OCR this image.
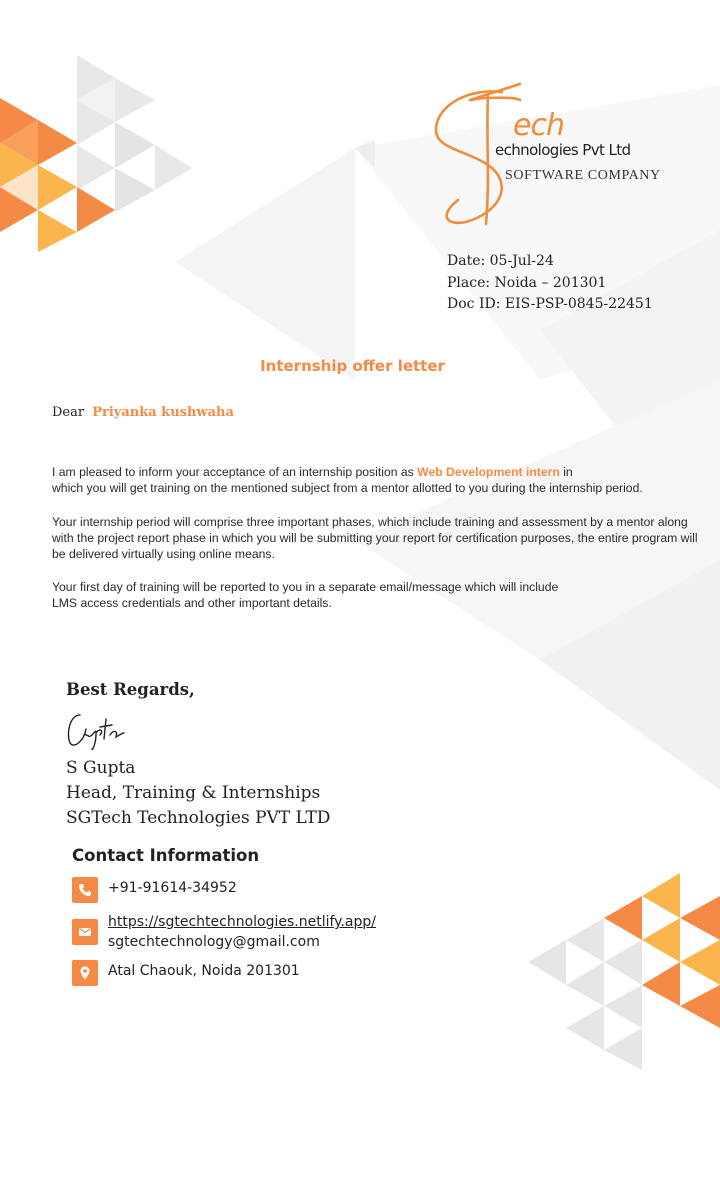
ech
echnologies Pvt Ltd
SOFTWARE COMPANY
Date: 05-Jul-24
Place: Noida – 201301
Doc ID: EIS-PSP-0845-22451
Internship offer letter
Dear Priyanka kushwaha
I am pleased to inform your acceptance of an internship position as Web Development intern in
which you will get training on the mentioned subject from a mentor allotted to you during the internship period.
Your internship period will comprise three important phases, which include training and assessment by a mentor along with the project report phase in which you will be submitting your report for certification purposes, the entire program will be delivered virtually using online means.
Your first day of training will be reported to you in a separate email/message which will include
LMS access credentials and other important details.
Best Regards,
S Gupta
Head, Training & Internships
SGTech Technologies PVT LTD
Contact Information
+91-91614-34952
https://sgtechtechnologies.netlify.app/
sgtechtechnology@gmail.com
Atal Chaouk, Noida 201301
